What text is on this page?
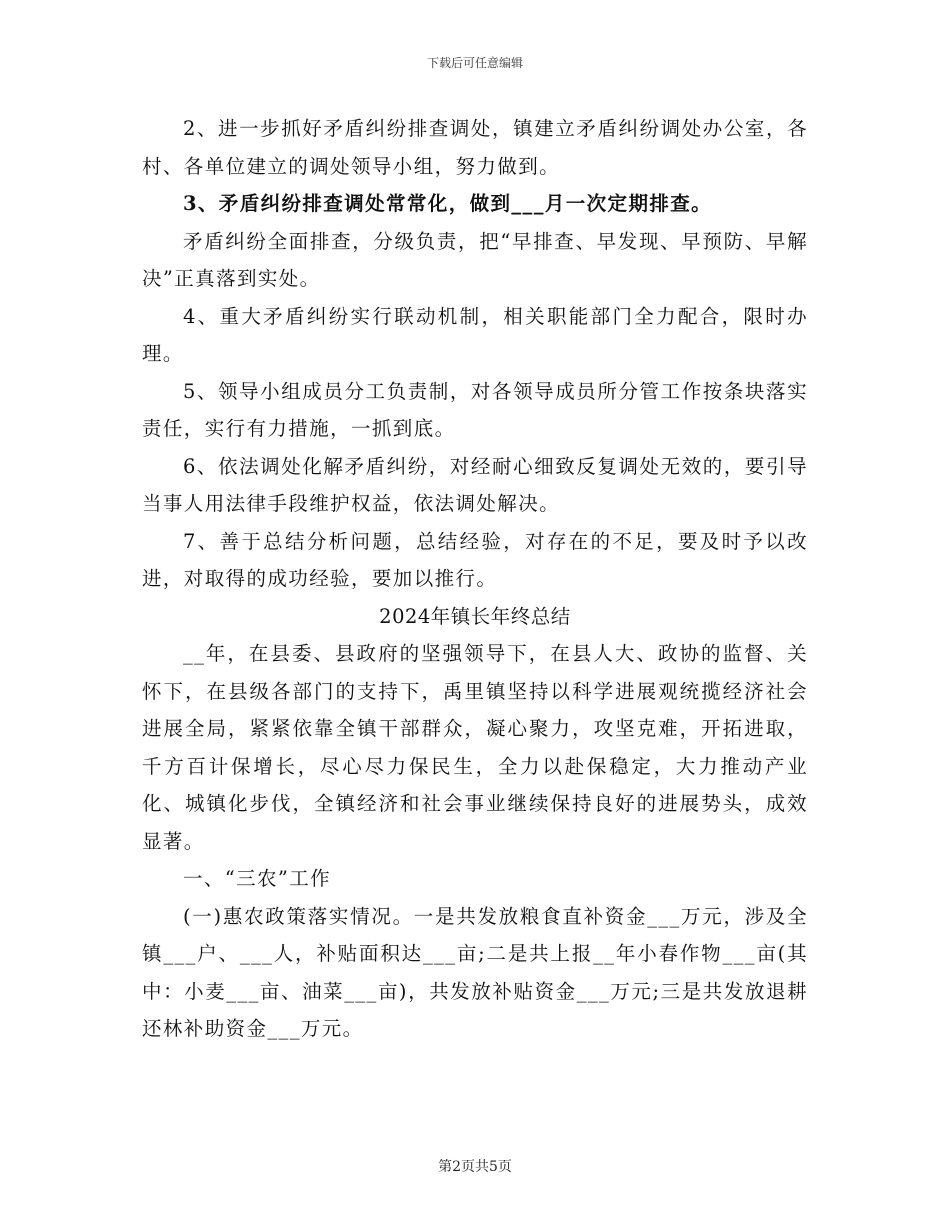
下载后可任意编辑

2、进一步抓好矛盾纠纷排查调处，镇建立矛盾纠纷调处办公室，各村、各单位建立的调处领导小组，努力做到。

3、矛盾纠纷排查调处常常化，做到___月一次定期排查。

矛盾纠纷全面排查，分级负责，把“早排查、早发现、早预防、早解决”正真落到实处。

4、重大矛盾纠纷实行联动机制，相关职能部门全力配合，限时办理。

5、领导小组成员分工负责制，对各领导成员所分管工作按条块落实责任，实行有力措施，一抓到底。

6、依法调处化解矛盾纠纷，对经耐心细致反复调处无效的，要引导当事人用法律手段维护权益，依法调处解决。

7、善于总结分析问题，总结经验，对存在的不足，要及时予以改进，对取得的成功经验，要加以推行。

2024年镇长年终总结

__年，在县委、县政府的坚强领导下，在县人大、政协的监督、关怀下，在县级各部门的支持下，禹里镇坚持以科学进展观统揽经济社会进展全局，紧紧依靠全镇干部群众，凝心聚力，攻坚克难，开拓进取，千方百计保增长，尽心尽力保民生，全力以赴保稳定，大力推动产业化、城镇化步伐，全镇经济和社会事业继续保持良好的进展势头，成效显著。

一、“三农”工作

(一)惠农政策落实情况。一是共发放粮食直补资金___万元，涉及全镇___户、___人，补贴面积达___亩;二是共上报__年小春作物___亩(其中：小麦___亩、油菜___亩)，共发放补贴资金___万元;三是共发放退耕还林补助资金___万元。

第2页共5页
